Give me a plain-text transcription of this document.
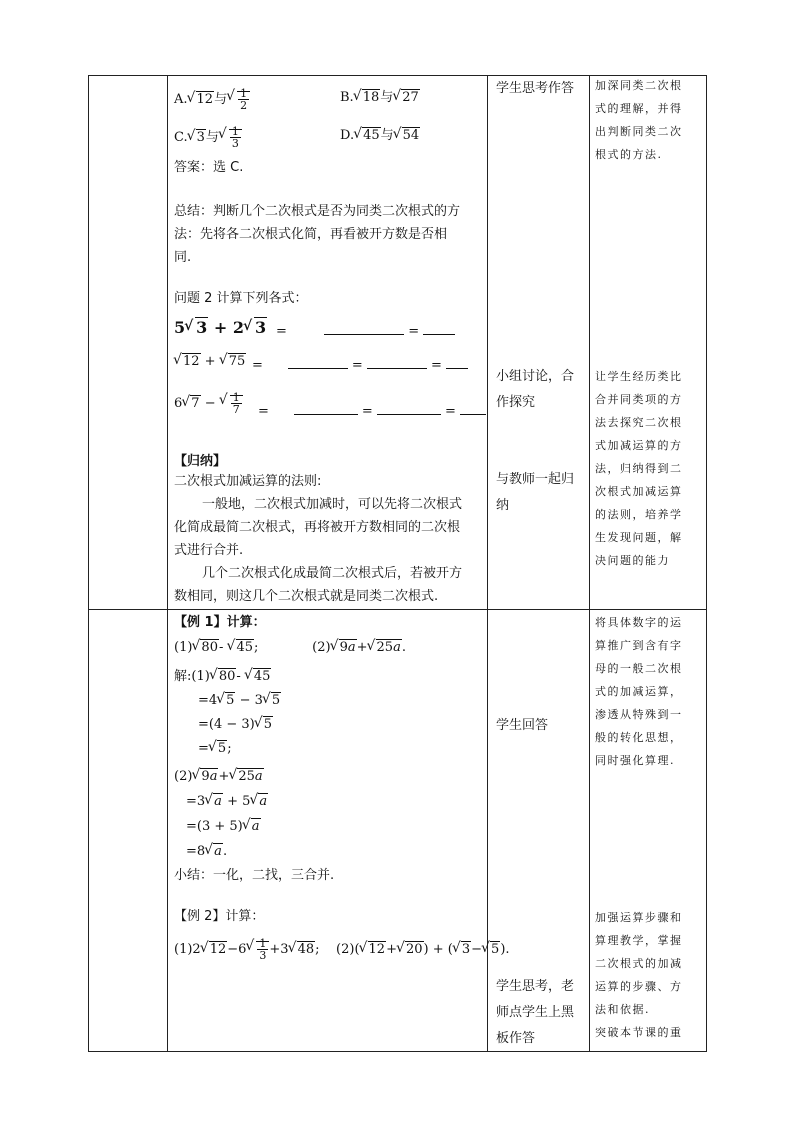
A.√ 12与
√ $\frac{1}{2}$	B.√ 18与√ 27
C.√ 3与
√ $\frac{1}{3}$	D.√ 45与√ 54
答案：选 C.
总结：判断几个二次根式是否为同类二次根式的方
法：先将各二次根式化简，再看被开方数是否相
同.
问题 2 计算下列各式：
5√ 3 + 2√ 3 =	=
√ 12 + √ 75 =	=	=
6√ 7 −
√ $\frac{1}{7}$ =	=	=
【归纳】
二次根式加减运算的法则:
一般地，二次根式加减时，可以先将二次根式
化简成最简二次根式，再将被开方数相同的二次根
式进行合并.
几个二次根式化成最简二次根式后，若被开方
数相同，则这几个二次根式就是同类二次根式.
学生思考作答
小组讨论，合
作探究
与教师一起归
纳
加深同类二次根
式的理解，并得
出判断同类二次
根式的方法.
让学生经历类比
合并同类项的方
法去探究二次根
式加减运算的方
法，归纳得到二
次根式加减运算
的法则，培养学
生发现问题，解
决问题的能力
【例 1】计算：
(1)√ 80- √ 45;             (2)√ 9a+√ 25a.
解:(1)√ 80- √ 45
=4√ 5 − 3√ 5
=(4 − 3)√ 5
=√ 5;
(2)√ 9a+√ 25a
=3√ a + 5√ a
=(3 + 5)√ a
=8√ a.
小结：一化，二找，三合并.
【例 2】计算：
(1)2√ 12−6
√ $\frac{1}{3} +3√$ 48;    (2)(√ 12+√ 20) + (√ 3−√ 5).
学生回答
学生思考，老
师点学生上黑
板作答
将具体数字的运
算推广到含有字
母的一般二次根
式的加减运算，
渗透从特殊到一
般的转化思想，
同时强化算理.
加强运算步骤和
算理教学，掌握
二次根式的加减
运算的步骤、方
法和依据.
突破本节课的重
